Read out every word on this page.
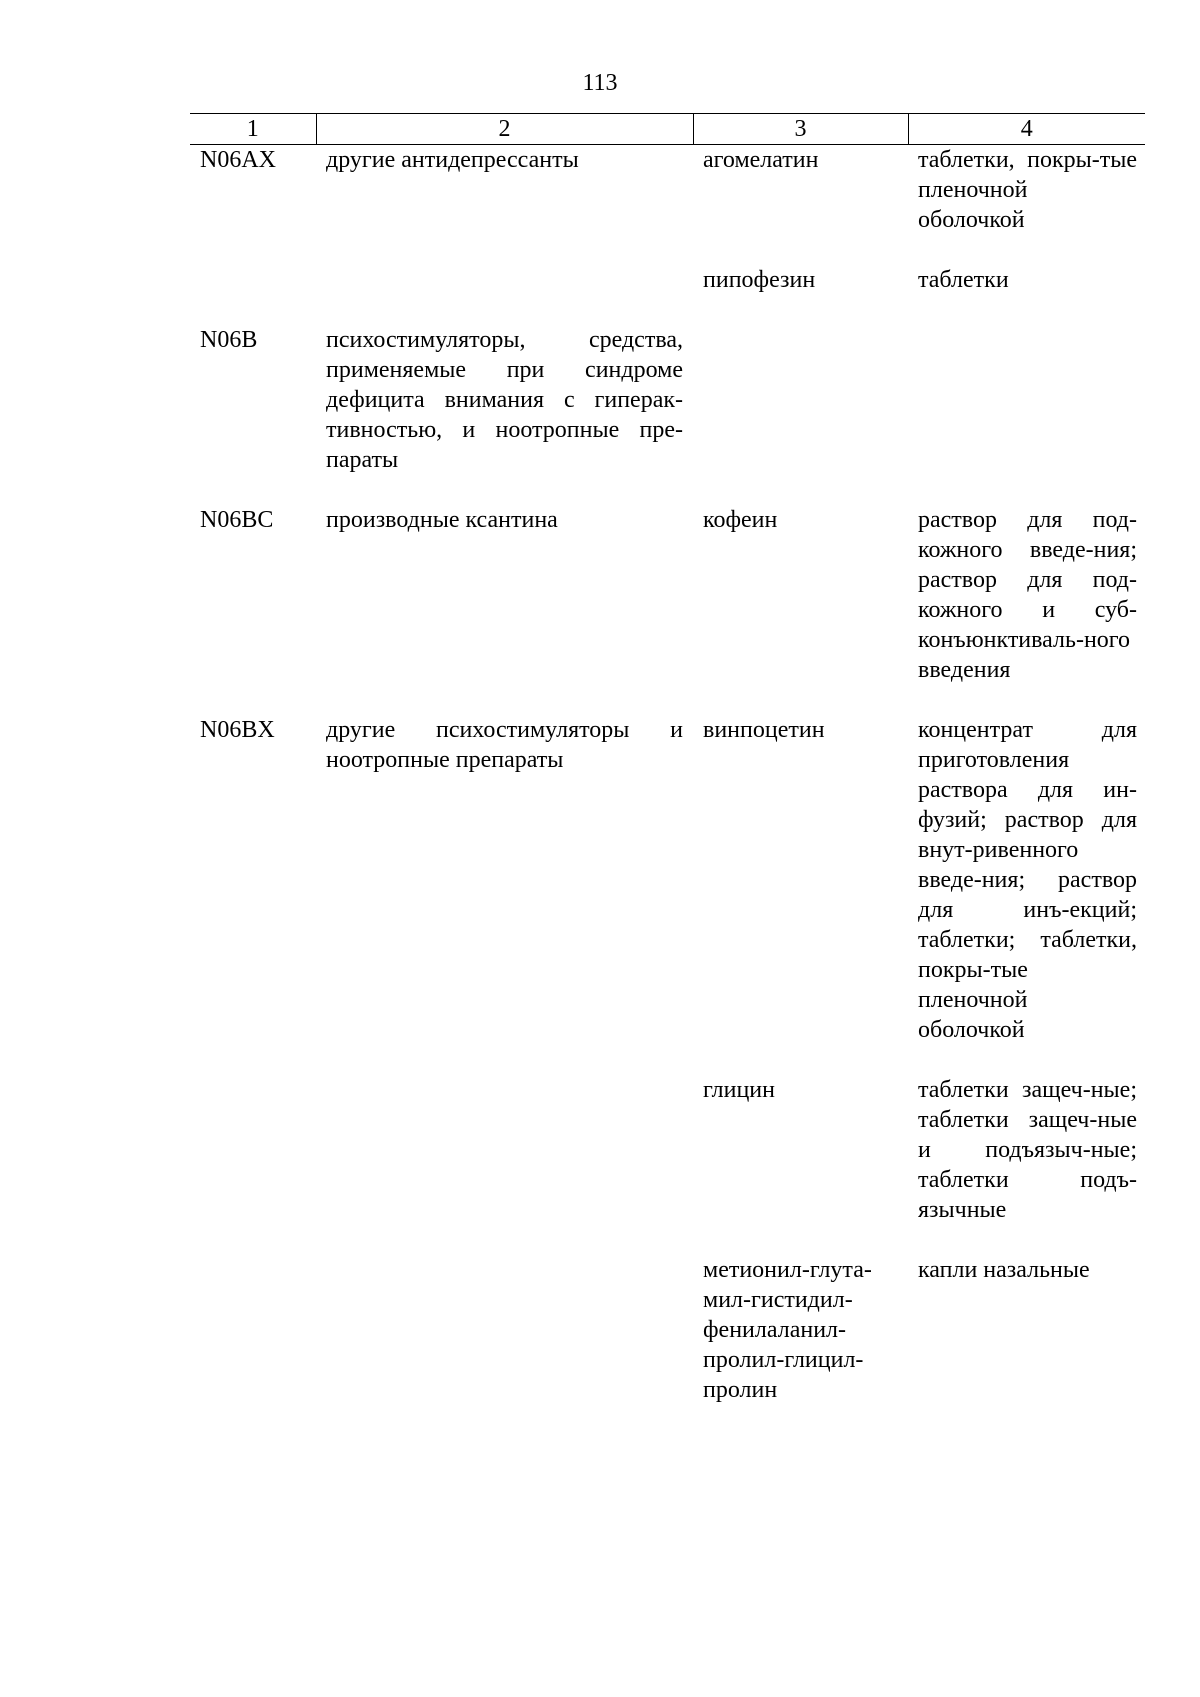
113
1	2	3	4
N06AX	другие антидепрессанты	агомелатин	таблетки, покры-тые пленочной оболочкой
		пипофезин	таблетки
N06B	психостимуляторы, средства, применяемые при синдроме дефицита внимания с гиперак-тивностью, и ноотропные пре-параты		
N06BC	производные ксантина	кофеин	раствор для под-кожного введе-ния; раствор для под-кожного и суб-конъюнктиваль-ного введения
N06BX	другие психостимуляторы и ноотропные препараты	винпоцетин	концентрат для приготовления раствора для ин-фузий; раствор для внут-ривенного введе-ния; раствор для инъ-екций; таблетки; таблетки, покры-тые пленочной оболочкой
		глицин	таблетки защеч-ные; таблетки защеч-ные и подъязыч-ные; таблетки подъ-язычные
		метионил-глута-мил-гистидил-фенилаланил-пролил-глицил-пролин	капли назальные
